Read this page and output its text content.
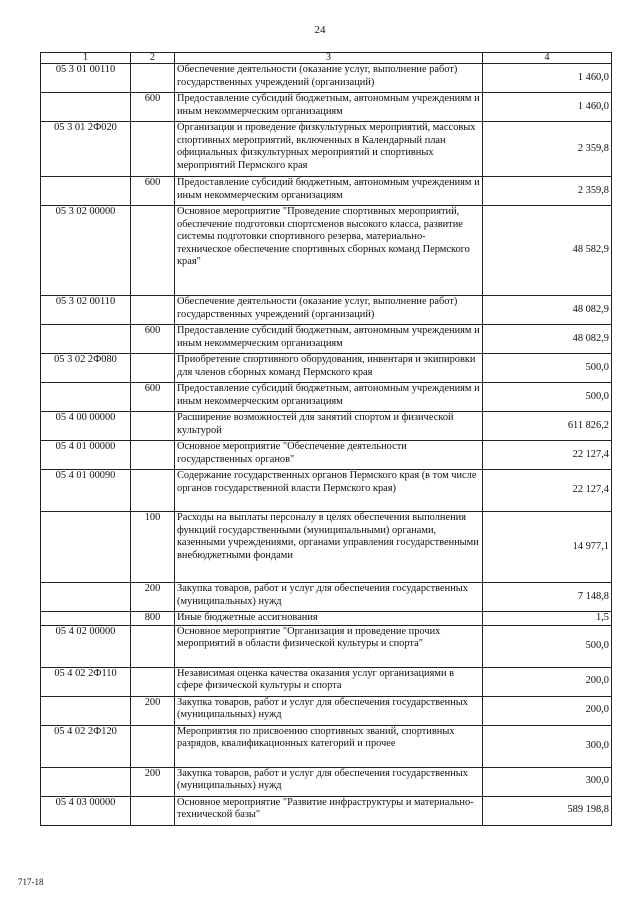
24
1	2	3	4
05 3 01 00110		Обеспечение деятельности (оказание услуг, выполнение работ) государственных учреждений (организаций)	1 460,0
	600	Предоставление субсидий бюджетным, автономным учреждениям и иным некоммерческим организациям	1 460,0
05 3 01 2Ф020		Организация и проведение физкультурных мероприятий, массовых спортивных мероприятий, включенных в Календарный план официальных физкультурных мероприятий и спортивных мероприятий Пермского края	2 359,8
	600	Предоставление субсидий бюджетным, автономным учреждениям и иным некоммерческим организациям	2 359,8
05 3 02 00000		Основное мероприятие "Проведение спортивных мероприятий, обеспечение подготовки спортсменов высокого класса, развитие системы подготовки спортивного резерва, материально-техническое обеспечение спортивных сборных команд Пермского края"	48 582,9
05 3 02 00110		Обеспечение деятельности (оказание услуг, выполнение работ) государственных учреждений (организаций)	48 082,9
	600	Предоставление субсидий бюджетным, автономным учреждениям и иным некоммерческим организациям	48 082,9
05 3 02 2Ф080		Приобретение спортивного оборудования, инвентаря и экипировки для членов сборных команд Пермского края	500,0
	600	Предоставление субсидий бюджетным, автономным учреждениям и иным некоммерческим организациям	500,0
05 4 00 00000		Расширение возможностей для занятий спортом и физической культурой	611 826,2
05 4 01 00000		Основное мероприятие "Обеспечение деятельности государственных органов"	22 127,4
05 4 01 00090		Содержание государственных органов Пермского края (в том числе органов государственной власти Пермского края)	22 127,4
	100	Расходы на выплаты персоналу в целях обеспечения выполнения функций государственными (муниципальными) органами, казенными учреждениями, органами управления государственными внебюджетными фондами	14 977,1
	200	Закупка товаров, работ и услуг для обеспечения государственных (муниципальных) нужд	7 148,8
	800	Иные бюджетные ассигнования	1,5
05 4 02 00000		Основное мероприятие "Организация и проведение прочих мероприятий в области физической культуры и спорта"	500,0
05 4 02 2Ф110		Независимая оценка качества оказания услуг организациями в сфере физической культуры и спорта	200,0
	200	Закупка товаров, работ и услуг для обеспечения государственных (муниципальных) нужд	200,0
05 4 02 2Ф120		Мероприятия по присвоению спортивных званий, спортивных разрядов, квалификационных категорий и прочее	300,0
	200	Закупка товаров, работ и услуг для обеспечения государственных (муниципальных) нужд	300,0
05 4 03 00000		Основное мероприятие "Развитие инфраструктуры и материально-технической базы"	589 198,8
717-18
